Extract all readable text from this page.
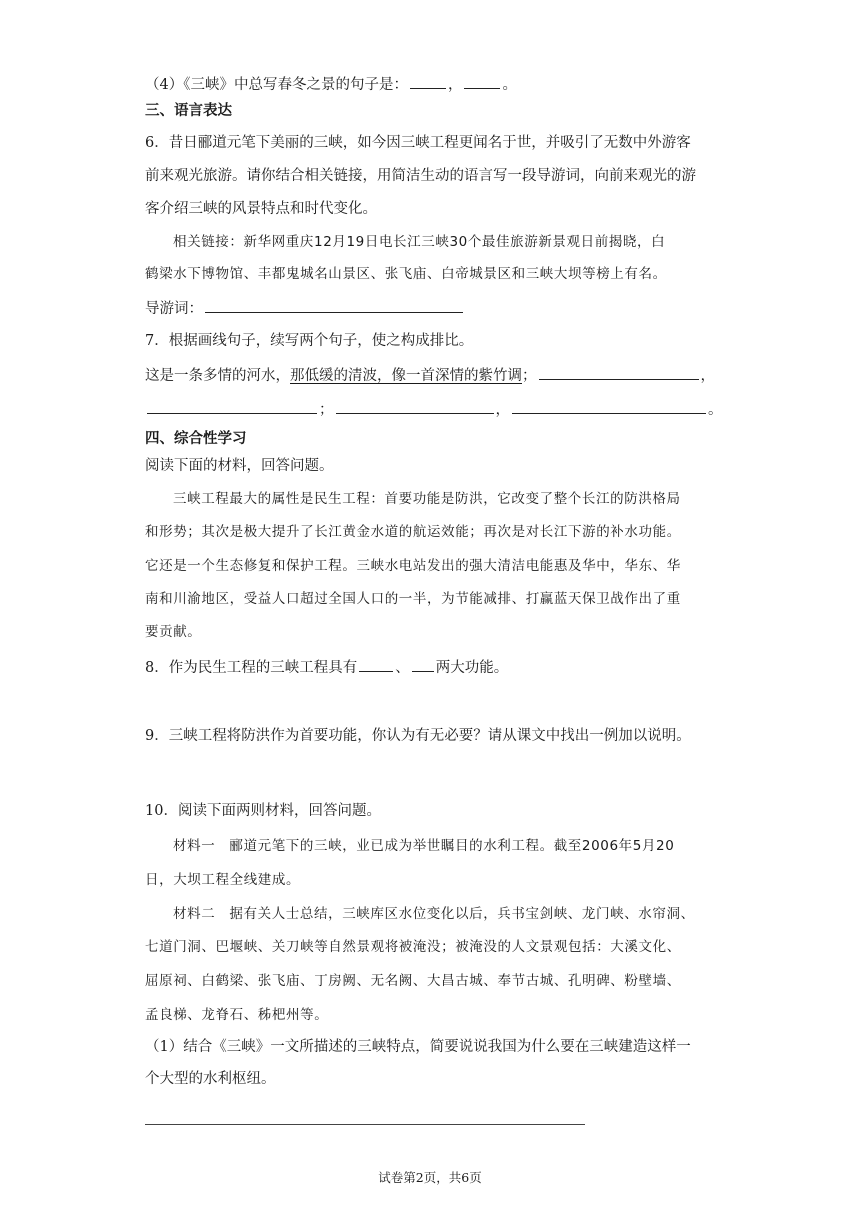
（4）《三峡》中总写春冬之景的句子是：	，	。
三、语言表达
6．昔日郦道元笔下美丽的三峡，如今因三峡工程更闻名于世，并吸引了无数中外游客
前来观光旅游。请你结合相关链接，用简洁生动的语言写一段导游词，向前来观光的游
客介绍三峡的风景特点和时代变化。
相关链接：新华网重庆12月19日电长江三峡30个最佳旅游新景观日前揭晓，白
鹤梁水下博物馆、丰都鬼城名山景区、张飞庙、白帝城景区和三峡大坝等榜上有名。
导游词：
7．根据画线句子，续写两个句子，使之构成排比。
这是一条多情的河水，那低缓的清波，像一首深情的紫竹调；	，
；	，	。
四、综合性学习
阅读下面的材料，回答问题。
三峡工程最大的属性是民生工程：首要功能是防洪，它改变了整个长江的防洪格局
和形势；其次是极大提升了长江黄金水道的航运效能；再次是对长江下游的补水功能。
它还是一个生态修复和保护工程。三峡水电站发出的强大清洁电能惠及华中，华东、华
南和川渝地区，受益人口超过全国人口的一半，为节能减排、打赢蓝天保卫战作出了重
要贡献。
8．作为民生工程的三峡工程具有	、 两大功能。
9．三峡工程将防洪作为首要功能，你认为有无必要？请从课文中找出一例加以说明。
10．阅读下面两则材料，回答问题。
材料一　郦道元笔下的三峡，业已成为举世瞩目的水利工程。截至2006年5月20
日，大坝工程全线建成。
材料二　据有关人士总结，三峡库区水位变化以后，兵书宝剑峡、龙门峡、水帘洞、
七道门洞、巴堰峡、关刀峡等自然景观将被淹没；被淹没的人文景观包括：大溪文化、
屈原祠、白鹤梁、张飞庙、丁房阙、无名阙、大昌古城、奉节古城、孔明碑、粉壁墙、
孟良梯、龙脊石、秭杷州等。
（1）结合《三峡》一文所描述的三峡特点，简要说说我国为什么要在三峡建造这样一
个大型的水利枢纽。
试卷第2页，共6页
